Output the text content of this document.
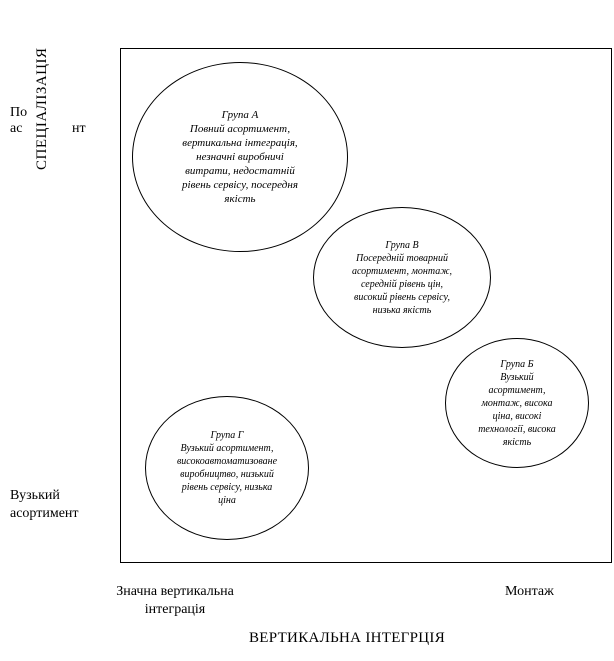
СПЕЦІАЛІЗАЦІЯ
По
ас	нт
Вузький
асортимент
Група А
Повний асортимент,
вертикальна інтеграція,
незначні виробничі
витрати, недостатній
рівень сервісу, посередня
якість
Група В
Посередній товарний
асортимент, монтаж,
середній рівень цін,
високий рівень сервісу,
низька якість
Група Б
Вузький
асортимент,
монтаж, висока
ціна, високі
технології, висока
якість
Група Г
Вузький асортимент,
високоавтоматизоване
виробництво, низький
рівень сервісу, низька
ціна
Значна вертикальна
інтеграція
Монтаж
ВЕРТИКАЛЬНА ІНТЕГРЦІЯ
